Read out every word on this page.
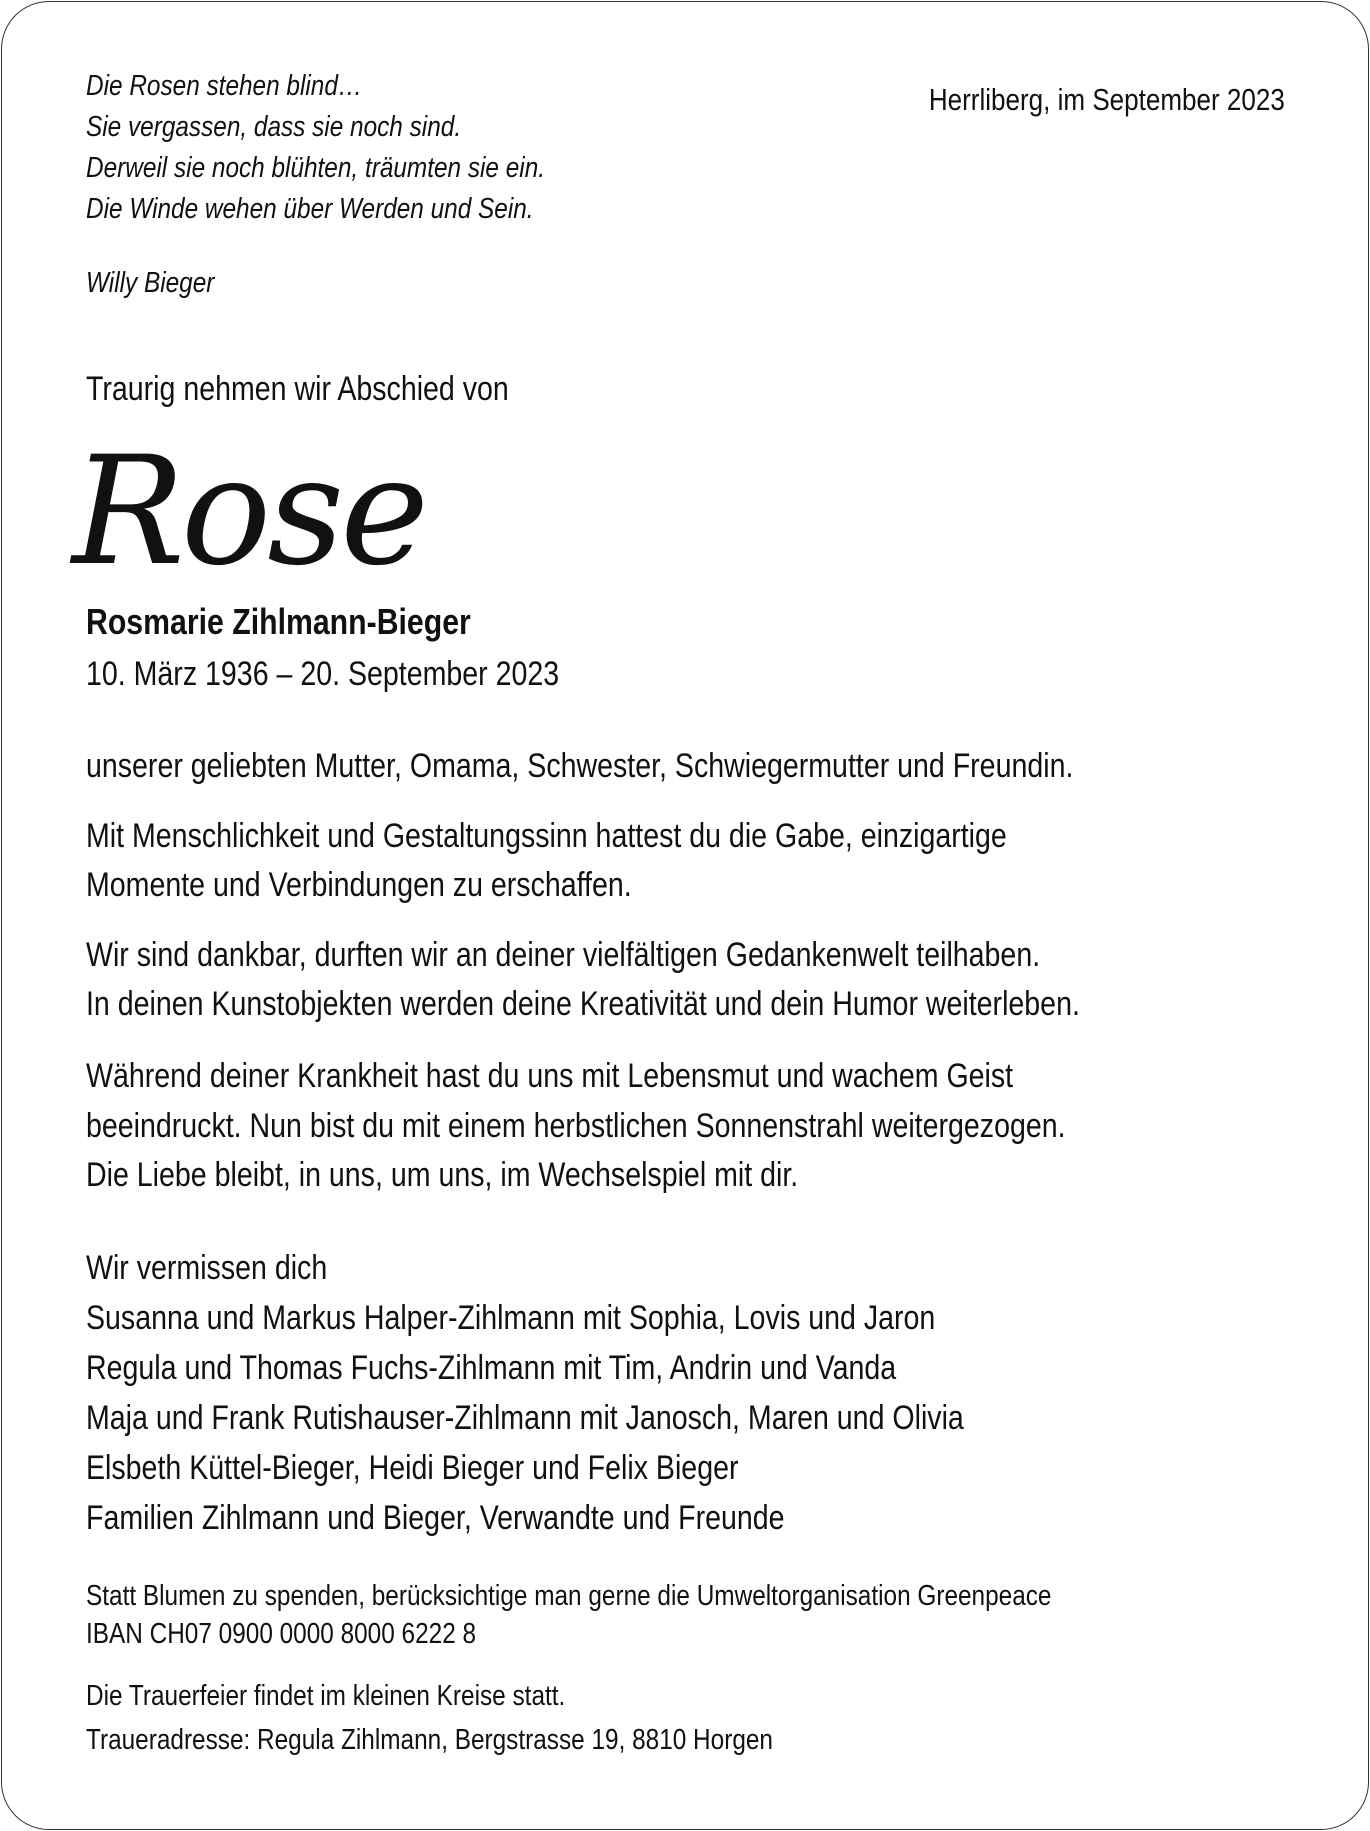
Die Rosen stehen blind…
Sie vergassen, dass sie noch sind.
Derweil sie noch blühten, träumten sie ein.
Die Winde wehen über Werden und Sein.
Willy Bieger
Herrliberg, im September 2023
Traurig nehmen wir Abschied von
Rose
Rosmarie Zihlmann-Bieger
10. März 1936 – 20. September 2023
unserer geliebten Mutter, Omama, Schwester, Schwiegermutter und Freundin.
Mit Menschlichkeit und Gestaltungssinn hattest du die Gabe, einzigartige
Momente und Verbindungen zu erschaffen.
Wir sind dankbar, durften wir an deiner vielfältigen Gedankenwelt teilhaben.
In deinen Kunstobjekten werden deine Kreativität und dein Humor weiterleben.
Während deiner Krankheit hast du uns mit Lebensmut und wachem Geist
beeindruckt. Nun bist du mit einem herbstlichen Sonnenstrahl weitergezogen.
Die Liebe bleibt, in uns, um uns, im Wechselspiel mit dir.
Wir vermissen dich
Susanna und Markus Halper-Zihlmann mit Sophia, Lovis und Jaron
Regula und Thomas Fuchs-Zihlmann mit Tim, Andrin und Vanda
Maja und Frank Rutishauser-Zihlmann mit Janosch, Maren und Olivia
Elsbeth Küttel-Bieger, Heidi Bieger und Felix Bieger
Familien Zihlmann und Bieger, Verwandte und Freunde
Statt Blumen zu spenden, berücksichtige man gerne die Umweltorganisation Greenpeace
IBAN CH07 0900 0000 8000 6222 8
Die Trauerfeier findet im kleinen Kreise statt.
Traueradresse: Regula Zihlmann, Bergstrasse 19, 8810 Horgen
